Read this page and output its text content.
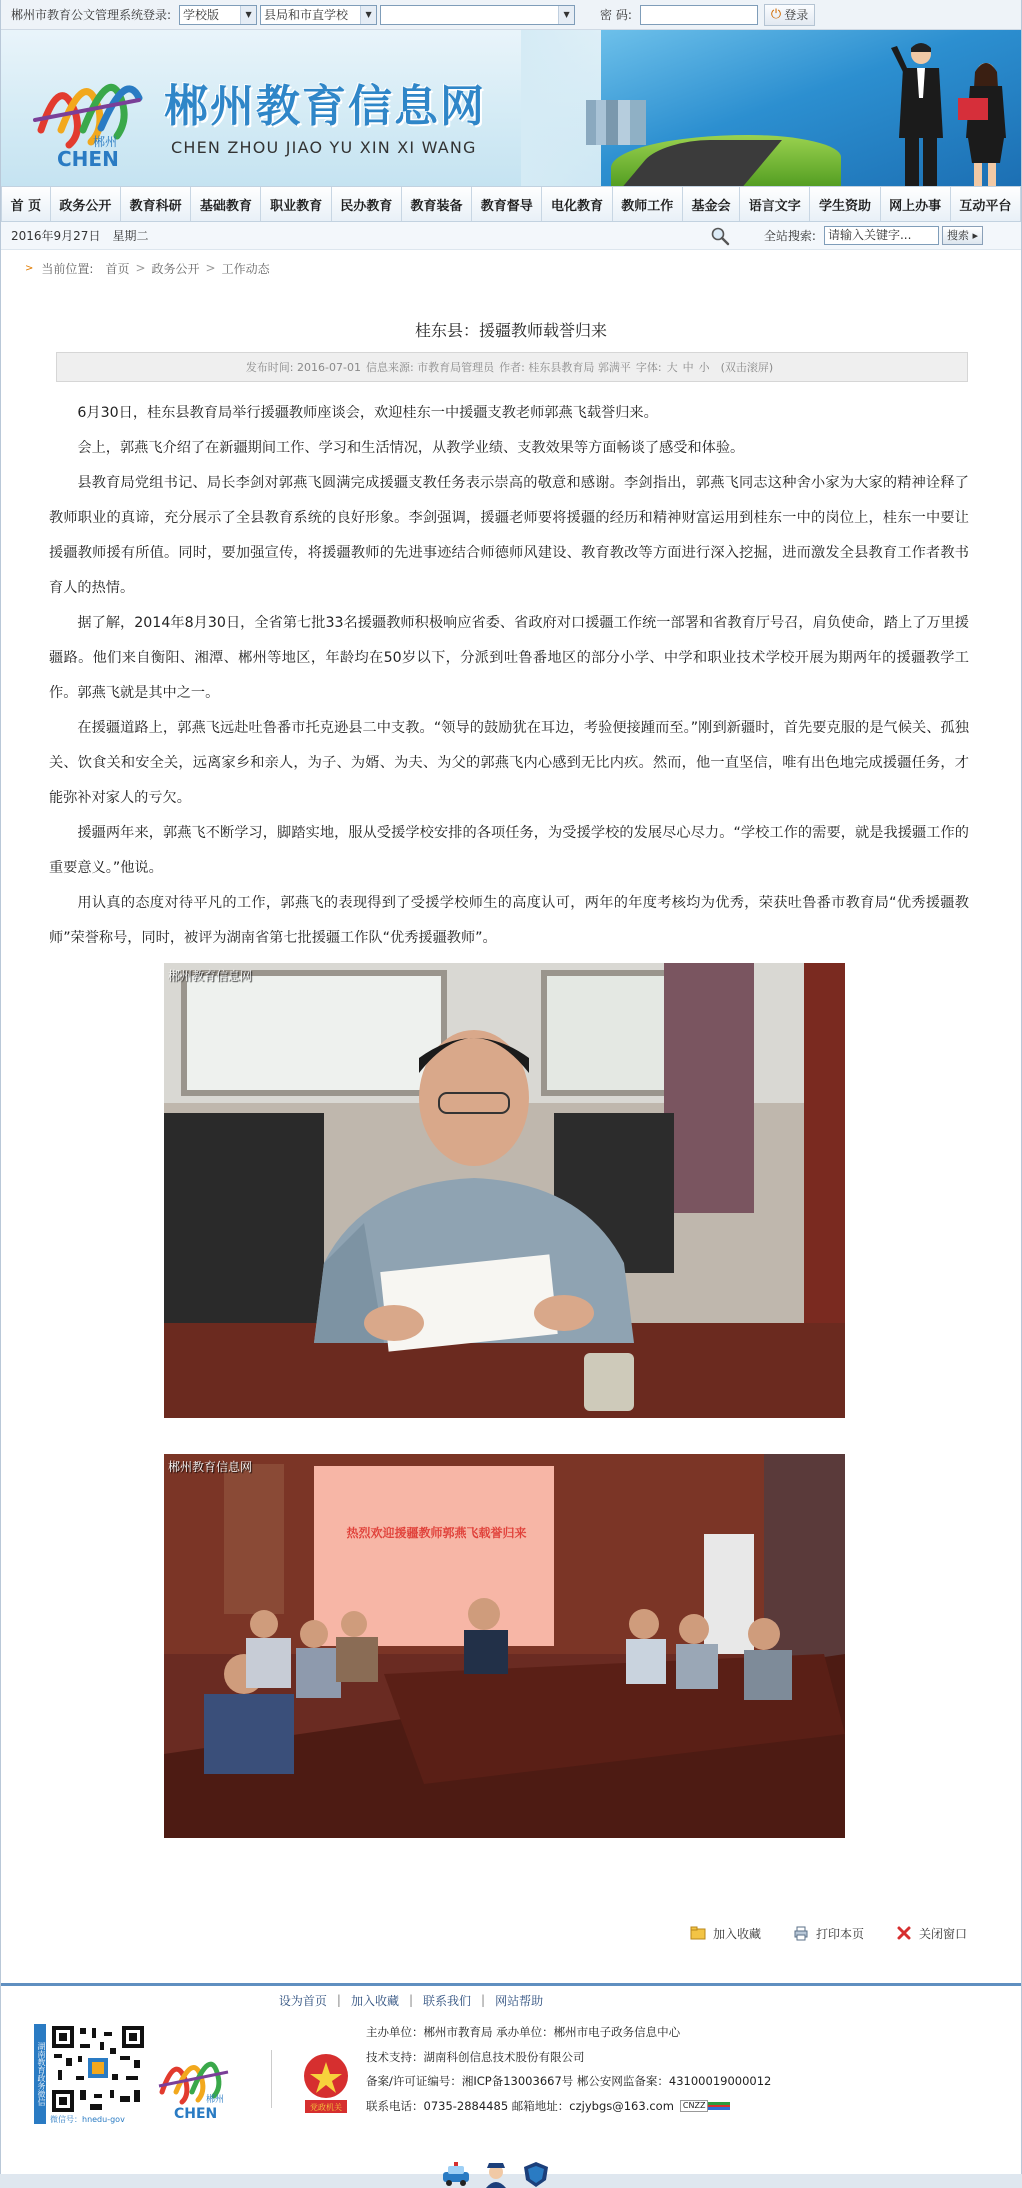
郴州市教育公文管理系统登录:	学校版	▼	县局和市直学校	▼	▼	密 码:	⏻ 登录
郴州
CHEN
郴州教育信息网
CHEN ZHOU JIAO YU XIN XI WANG
首 页	政务公开	教育科研	基础教育	职业教育	民办教育	教育装备	教育督导	电化教育	教师工作	基金会	语言文字	学生资助	网上办事	互动平台
2016年9月27日 星期二	全站搜索:	请输入关键字...	搜索 ▸
> 当前位置: 首页 > 政务公开 > 工作动态
桂东县：援疆教师载誉归来
发布时间: 2016-07-01 信息来源: 市教育局管理员 作者: 桂东县教育局 郭满平 字体: 大 中 小 (双击滚屏)

6月30日，桂东县教育局举行援疆教师座谈会，欢迎桂东一中援疆支教老师郭燕飞载誉归来。

会上，郭燕飞介绍了在新疆期间工作、学习和生活情况，从教学业绩、支教效果等方面畅谈了感受和体验。

县教育局党组书记、局长李剑对郭燕飞圆满完成援疆支教任务表示崇高的敬意和感谢。李剑指出，郭燕飞同志这种舍小家为大家的精神诠释了教师职业的真谛，充分展示了全县教育系统的良好形象。李剑强调，援疆老师要将援疆的经历和精神财富运用到桂东一中的岗位上，桂东一中要让援疆教师援有所值。同时，要加强宣传，将援疆教师的先进事迹结合师德师风建设、教育教改等方面进行深入挖掘，进而激发全县教育工作者教书育人的热情。

据了解，2014年8月30日，全省第七批33名援疆教师积极响应省委、省政府对口援疆工作统一部署和省教育厅号召，肩负使命，踏上了万里援疆路。他们来自衡阳、湘潭、郴州等地区，年龄均在50岁以下，分派到吐鲁番地区的部分小学、中学和职业技术学校开展为期两年的援疆教学工作。郭燕飞就是其中之一。

在援疆道路上，郭燕飞远赴吐鲁番市托克逊县二中支教。“领导的鼓励犹在耳边，考验便接踵而至。”刚到新疆时，首先要克服的是气候关、孤独关、饮食关和安全关，远离家乡和亲人，为子、为婿、为夫、为父的郭燕飞内心感到无比内疚。然而，他一直坚信，唯有出色地完成援疆任务，才能弥补对家人的亏欠。

援疆两年来，郭燕飞不断学习，脚踏实地，服从受援学校安排的各项任务，为受援学校的发展尽心尽力。“学校工作的需要，就是我援疆工作的重要意义。”他说。

用认真的态度对待平凡的工作，郭燕飞的表现得到了受援学校师生的高度认可，两年的年度考核均为优秀，荣获吐鲁番市教育局“优秀援疆教师”荣誉称号，同时，被评为湖南省第七批援疆工作队“优秀援疆教师”。

郴州教育信息网
郴州教育信息网
热烈欢迎援疆教师郭燕飞载誉归来
加入收藏	打印本页	关闭窗口
设为首页 | 加入收藏 | 联系我们 | 网站帮助
湖南教育政务微信
微信号：hnedu-gov
郴州
CHEN	党政机关
主办单位：郴州市教育局 承办单位：郴州市电子政务信息中心
技术支持：湖南科创信息技术股份有限公司
备案/许可证编号：湘ICP备13003667号 郴公安网监备案：43100019000012
联系电话：0735-2884485 邮箱地址：czjybgs@163.com CNZZ
